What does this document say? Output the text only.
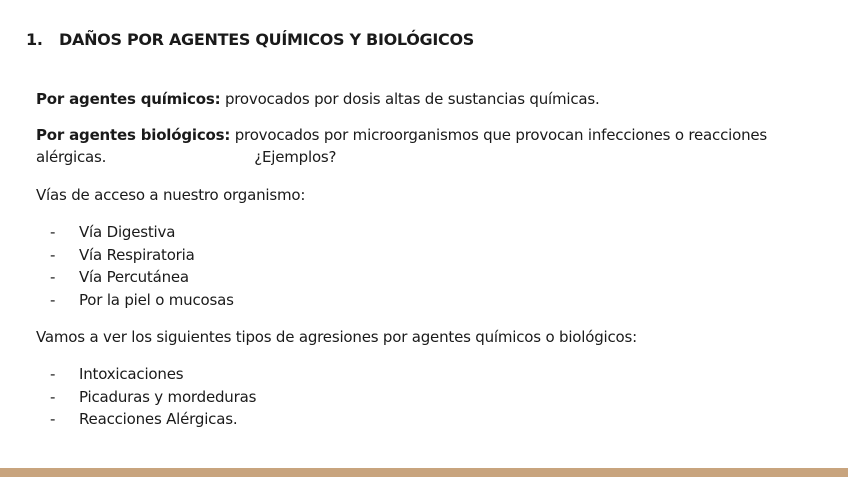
1.	DAÑOS POR AGENTES QUÍMICOS Y BIOLÓGICOS

Por agentes químicos: provocados por dosis altas de sustancias químicas.

Por agentes biológicos: provocados por microorganismos que provocan infecciones o reacciones alérgicas.	¿Ejemplos?

Vías de acceso a nuestro organismo:

- Vía Digestiva
- Vía Respiratoria
- Vía Percutánea
- Por la piel o mucosas

Vamos a ver los siguientes tipos de agresiones por agentes químicos o biológicos:

- Intoxicaciones
- Picaduras y mordeduras
- Reacciones Alérgicas.
